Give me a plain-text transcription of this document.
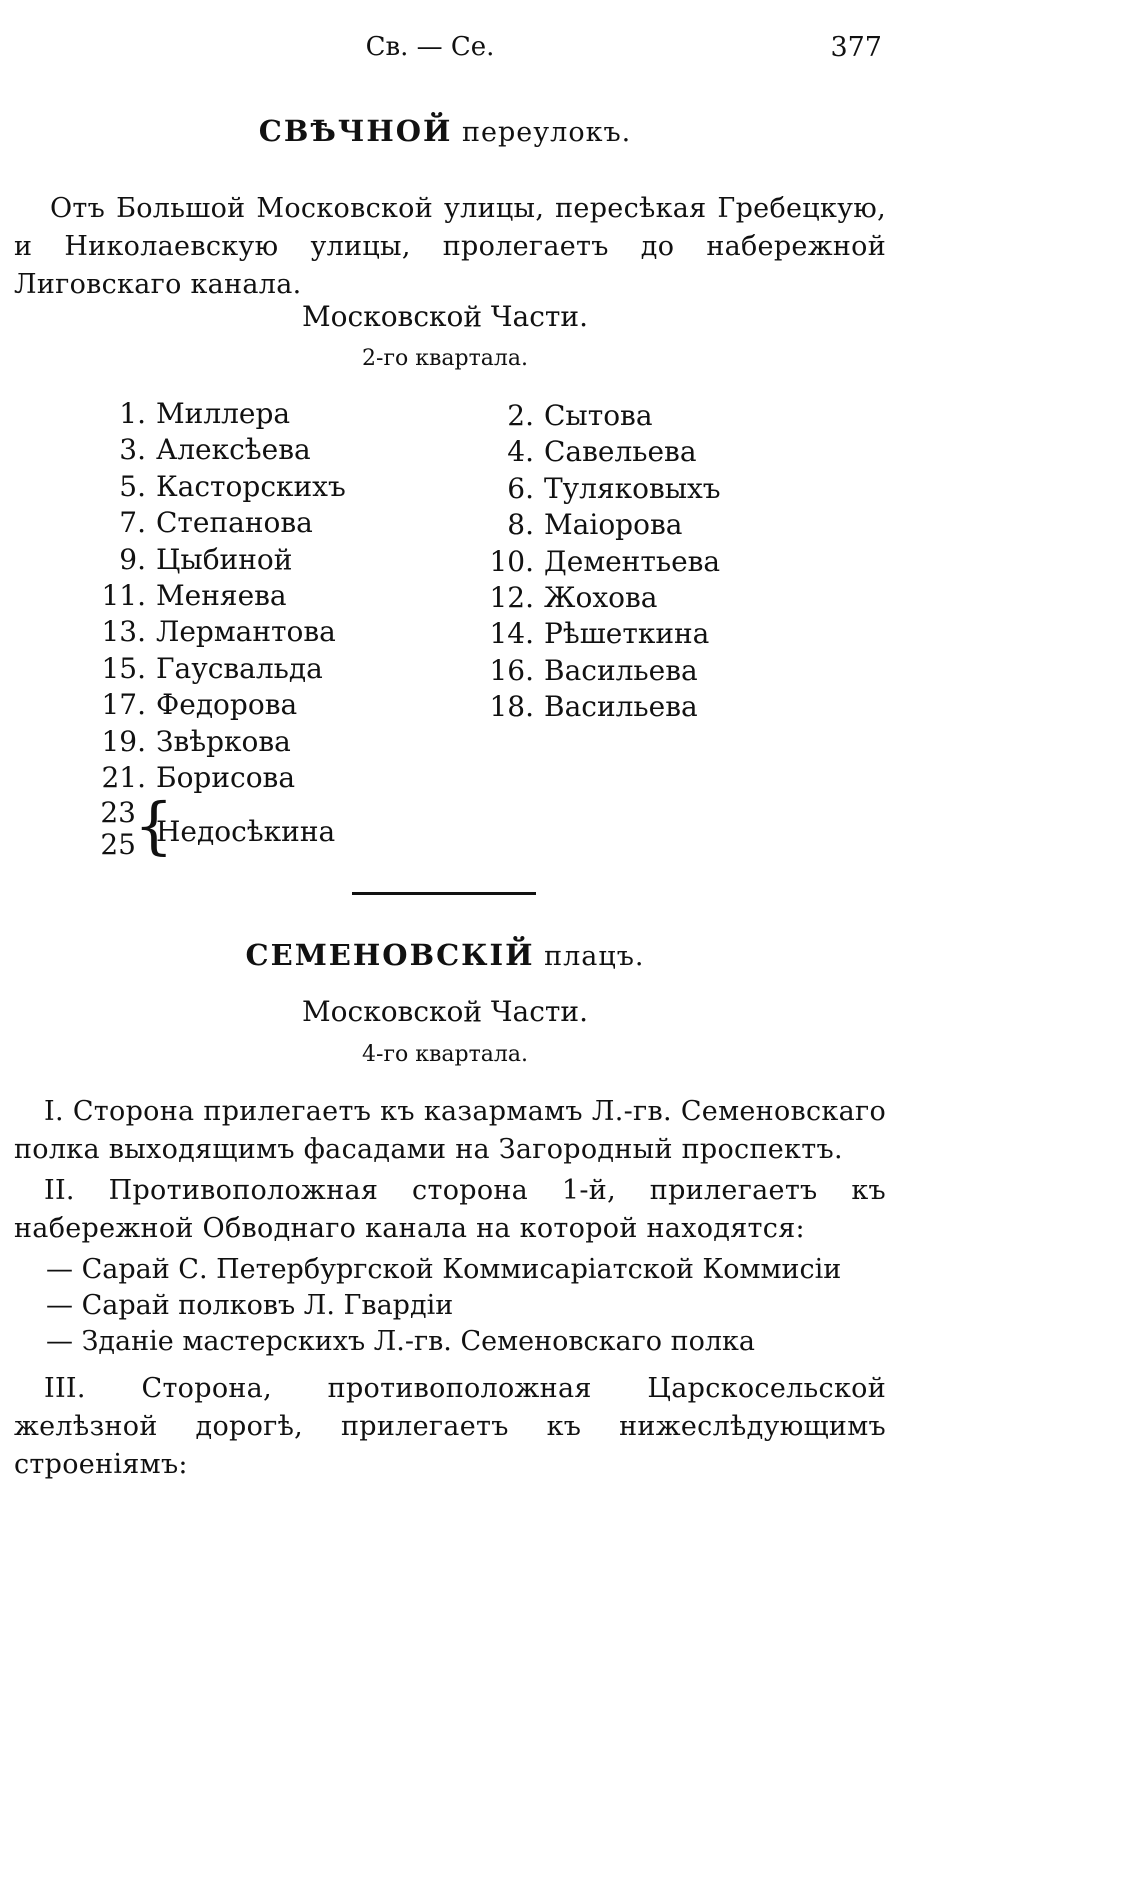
Св. — Се.	377
СВѢЧНОЙ переулокъ.
Отъ Большой Московской улицы, пересѣкая Гребецкую, и Николаевскую улицы, пролегаетъ до набережной Лиговскаго канала.
Московской Части.
2-го квартала.
1. Миллера
3. Алексѣева
5. Касторскихъ
7. Степанова
9. Цыбиной
11. Меняева
13. Лермантова
15. Гаусвальда
17. Федорова
19. Звѣркова
21. Борисова
2. Сытова
4. Савельева
6. Туляковыхъ
8. Маіорова
10. Дементьева
12. Жохова
14. Рѣшеткина
16. Васильева
18. Васильева
23
25
{
Недосѣкина
СЕМЕНОВСКІЙ плацъ.
Московской Части.
4-го квартала.
I. Сторона прилегаетъ къ казармамъ Л.-гв. Семеновскаго полка выходящимъ фасадами на Загородный проспектъ.
II. Противоположная сторона 1-й, прилегаетъ къ набережной Обводнаго канала на которой находятся:
— Сарай С. Петербургской Коммисаріатской Коммисіи
— Сарай полковъ Л. Гвардіи
— Зданіе мастерскихъ Л.-гв. Семеновскаго полка
III. Сторона, противоположная Царскосельской желѣзной дорогѣ, прилегаетъ къ нижеслѣдующимъ строеніямъ:
